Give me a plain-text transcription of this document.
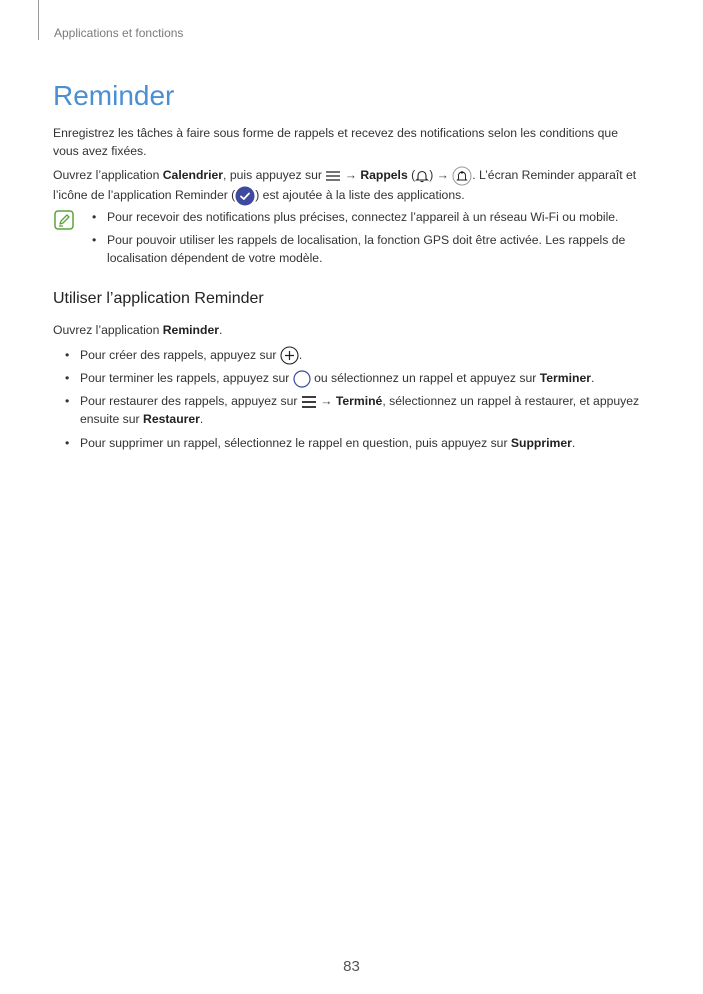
Applications et fonctions
Reminder

Enregistrez les tâches à faire sous forme de rappels et recevez des notifications selon les conditions que vous avez fixées.

Ouvrez l’application Calendrier, puis appuyez sur  → Rappels ( ) → . L’écran Reminder apparaît et l’icône de l’application Reminder ( ) est ajoutée à la liste des applications.

• Pour recevoir des notifications plus précises, connectez l’appareil à un réseau Wi-Fi ou mobile.
• Pour pouvoir utiliser les rappels de localisation, la fonction GPS doit être activée. Les rappels de localisation dépendent de votre modèle.
Utiliser l’application Reminder

Ouvrez l’application Reminder.

• Pour créer des rappels, appuyez sur .
• Pour terminer les rappels, appuyez sur  ou sélectionnez un rappel et appuyez sur Terminer.
• Pour restaurer des rappels, appuyez sur  → Terminé, sélectionnez un rappel à restaurer, et appuyez ensuite sur Restaurer.
• Pour supprimer un rappel, sélectionnez le rappel en question, puis appuyez sur Supprimer.
83
